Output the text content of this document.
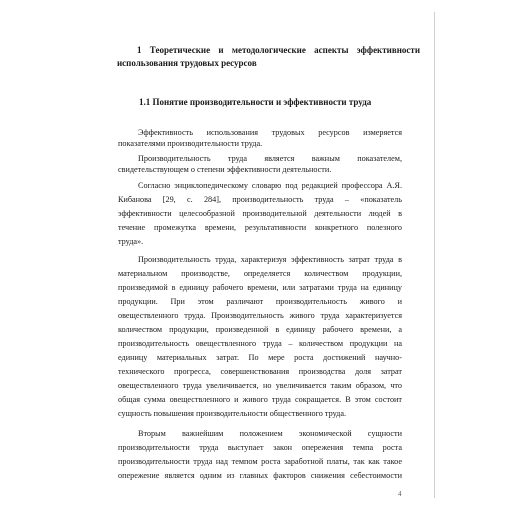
1 Теоретические и методологические аспекты эффективности
использования трудовых ресурсов
1.1 Понятие производительности и эффективности труда
Эффективность использования трудовых ресурсов измеряется
показателями производительности труда.
Производительность труда является важным показателем,
свидетельствующем о степени эффективности деятельности.
Согласно энциклопедическому словарю под редакцией профессора А.Я.
Кибанова [29, с. 284], производительность труда – «показатель
эффективности целесообразной производительной деятельности людей в
течение промежутка времени, результативности конкретного полезного
труда».
Производительность труда, характеризуя эффективность затрат труда в
материальном производстве, определяется количеством продукции,
произведимой в единицу рабочего времени, или затратами труда на единицу
продукции. При этом различают производительность живого и
овеществленного труда. Производительность живого труда характеризуется
количеством продукции, произведенной в единицу рабочего времени, а
производительность овеществленного труда – количеством продукции на
единицу материальных затрат. По мере роста достижений научно-
технического прогресса, совершенствования производства доля затрат
овеществленного труда увеличивается, но увеличивается таким образом, что
общая сумма овеществленного и живого труда сокращается. В этом состоит
сущность повышения производительности общественного труда.
Вторым важнейшим положением экономической сущности
производительности труда выступает закон опережения темпа роста
производительности труда над темпом роста заработной платы, так как такое
опережение является одним из главных факторов снижения себестоимости
4
